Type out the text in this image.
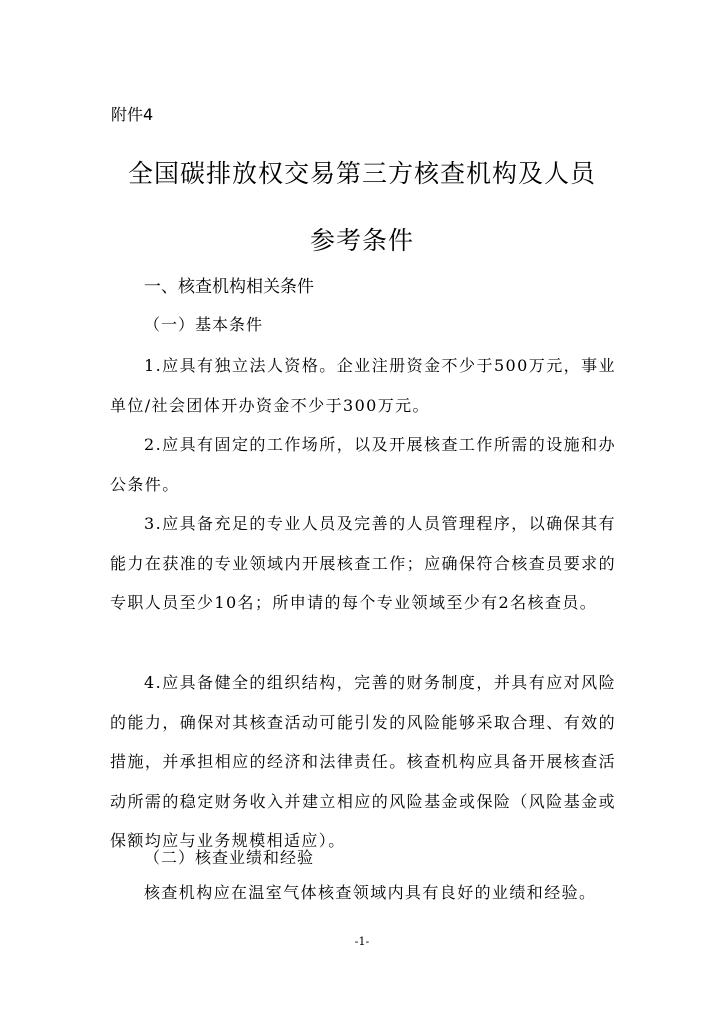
附件4
全国碳排放权交易第三方核查机构及人员
参考条件
一、核查机构相关条件
（一）基本条件

1.应具有独立法人资格。企业注册资金不少于500万元，事业单位/社会团体开办资金不少于300万元。

2.应具有固定的工作场所，以及开展核查工作所需的设施和办公条件。

3.应具备充足的专业人员及完善的人员管理程序，以确保其有能力在获准的专业领域内开展核查工作；应确保符合核查员要求的专职人员至少10名；所申请的每个专业领域至少有2名核查员。

4.应具备健全的组织结构，完善的财务制度，并具有应对风险的能力，确保对其核查活动可能引发的风险能够采取合理、有效的措施，并承担相应的经济和法律责任。核查机构应具备开展核查活动所需的稳定财务收入并建立相应的风险基金或保险（风险基金或保额均应与业务规模相适应）。

（二）核查业绩和经验

核查机构应在温室气体核查领域内具有良好的业绩和经验。

-1-
